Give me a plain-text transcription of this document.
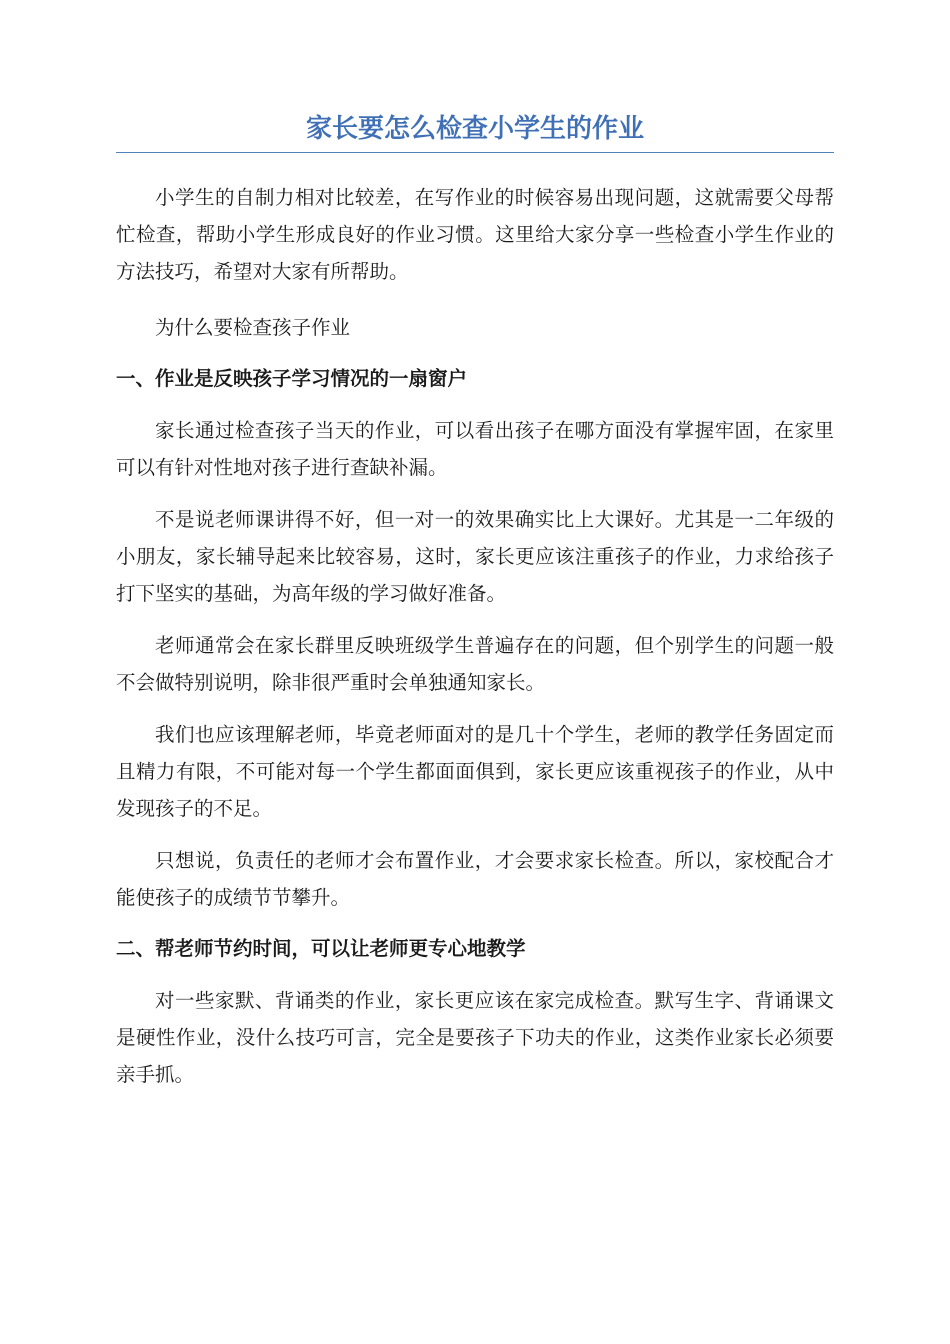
家长要怎么检查小学生的作业

小学生的自制力相对比较差，在写作业的时候容易出现问题，这就需要父母帮忙检查，帮助小学生形成良好的作业习惯。这里给大家分享一些检查小学生作业的方法技巧，希望对大家有所帮助。

为什么要检查孩子作业

一、作业是反映孩子学习情况的一扇窗户

家长通过检查孩子当天的作业，可以看出孩子在哪方面没有掌握牢固，在家里可以有针对性地对孩子进行查缺补漏。

不是说老师课讲得不好，但一对一的效果确实比上大课好。尤其是一二年级的小朋友，家长辅导起来比较容易，这时，家长更应该注重孩子的作业，力求给孩子打下坚实的基础，为高年级的学习做好准备。

老师通常会在家长群里反映班级学生普遍存在的问题，但个别学生的问题一般不会做特别说明，除非很严重时会单独通知家长。

我们也应该理解老师，毕竟老师面对的是几十个学生，老师的教学任务固定而且精力有限，不可能对每一个学生都面面俱到，家长更应该重视孩子的作业，从中发现孩子的不足。

只想说，负责任的老师才会布置作业，才会要求家长检查。所以，家校配合才能使孩子的成绩节节攀升。

二、帮老师节约时间，可以让老师更专心地教学

对一些家默、背诵类的作业，家长更应该在家完成检查。默写生字、背诵课文是硬性作业，没什么技巧可言，完全是要孩子下功夫的作业，这类作业家长必须要亲手抓。
